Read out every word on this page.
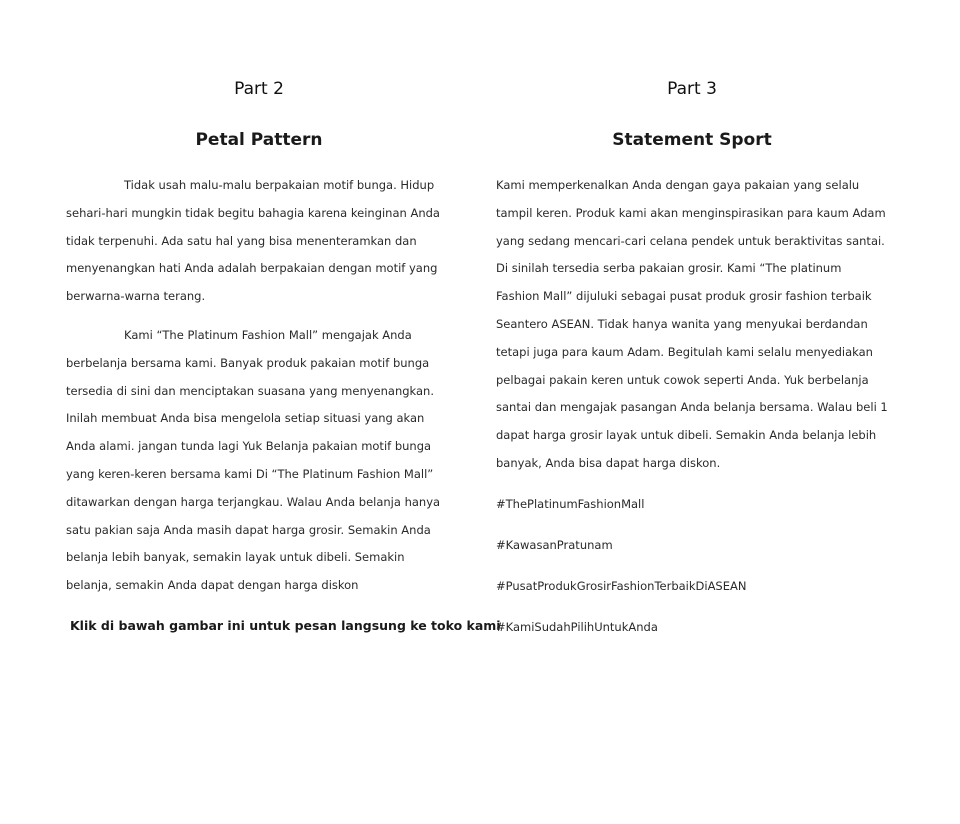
Part 2

Petal Pattern

Tidak usah malu-malu berpakaian motif bunga. Hidup sehari-hari mungkin tidak begitu bahagia karena keinginan Anda tidak terpenuhi. Ada satu hal yang bisa menenteramkan dan menyenangkan hati Anda adalah berpakaian dengan motif yang berwarna-warna terang.

Kami “The Platinum Fashion Mall” mengajak Anda berbelanja bersama kami. Banyak produk pakaian motif bunga tersedia di sini dan menciptakan suasana yang menyenangkan. Inilah membuat Anda bisa mengelola setiap situasi yang akan Anda alami. jangan tunda lagi Yuk Belanja pakaian motif bunga yang keren-keren bersama kami Di “The Platinum Fashion Mall” ditawarkan dengan harga terjangkau. Walau Anda belanja hanya satu pakian saja Anda masih dapat harga grosir. Semakin Anda belanja lebih banyak, semakin layak untuk dibeli. Semakin belanja, semakin Anda dapat dengan harga diskon

Klik di bawah gambar ini untuk pesan langsung ke toko kami

Part 3

Statement Sport

Kami memperkenalkan Anda dengan gaya pakaian yang selalu tampil keren. Produk kami akan menginspirasikan para kaum Adam yang sedang mencari-cari celana pendek untuk beraktivitas santai. Di sinilah tersedia serba pakaian grosir. Kami “The platinum Fashion Mall” dijuluki sebagai pusat produk grosir fashion terbaik Seantero ASEAN. Tidak hanya wanita yang menyukai berdandan tetapi juga para kaum Adam. Begitulah kami selalu menyediakan pelbagai pakain keren untuk cowok seperti Anda. Yuk berbelanja santai dan mengajak pasangan Anda belanja bersama. Walau beli 1 dapat harga grosir layak untuk dibeli. Semakin Anda belanja lebih banyak, Anda bisa dapat harga diskon.

#ThePlatinumFashionMall

#KawasanPratunam

#PusatProdukGrosirFashionTerbaikDiASEAN

#KamiSudahPilihUntukAnda
